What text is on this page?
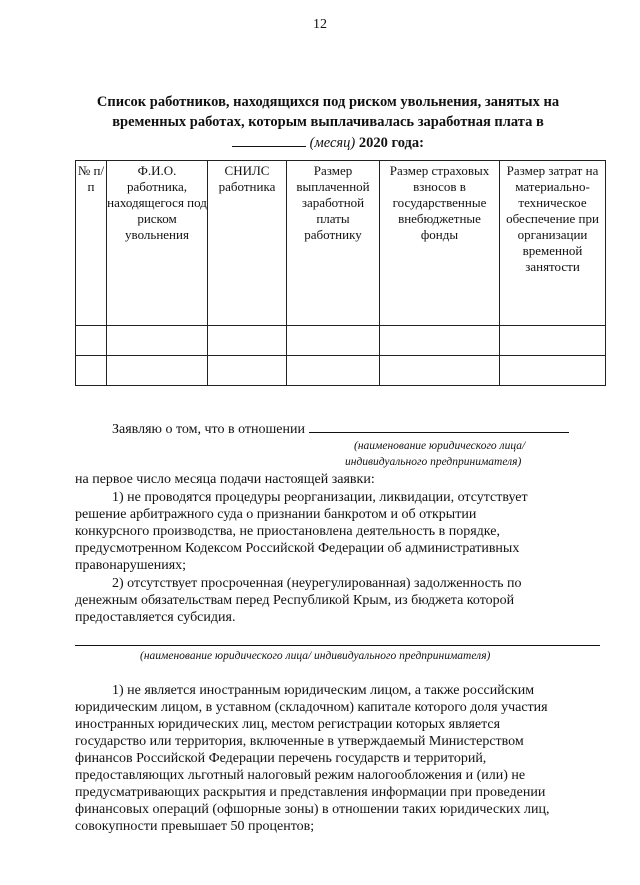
12
Список работников, находящихся под риском увольнения, занятых на
временных работах, которым выплачивалась заработная плата в
(месяц) 2020 года:
№ п/п	Ф.И.О. работника, находящегося под риском увольнения	СНИЛС работника	Размер выплаченной заработной платы работнику	Размер страховых взносов в государственные внебюджетные фонды	Размер затрат на материально-техническое обеспечение при организации временной занятости

Заявляю о том, что в отношении
(наименование юридического лица/
индивидуального предпринимателя)
на первое число месяца подачи настоящей заявки:
1) не проводятся процедуры реорганизации, ликвидации, отсутствует
решение арбитражного суда о признании банкротом и об открытии
конкурсного производства, не приостановлена деятельность в порядке,
предусмотренном Кодексом Российской Федерации об административных
правонарушениях;
2) отсутствует просроченная (неурегулированная) задолженность по
денежным обязательствам перед Республикой Крым, из бюджета которой
предоставляется субсидия.
(наименование юридического лица/ индивидуального предпринимателя)
1) не является иностранным юридическим лицом, а также российским
юридическим лицом, в уставном (складочном) капитале которого доля участия
иностранных юридических лиц, местом регистрации которых является
государство или территория, включенные в утверждаемый Министерством
финансов Российской Федерации перечень государств и территорий,
предоставляющих льготный налоговый режим налогообложения и (или) не
предусматривающих раскрытия и представления информации при проведении
финансовых операций (офшорные зоны) в отношении таких юридических лиц,
совокупности превышает 50 процентов;
